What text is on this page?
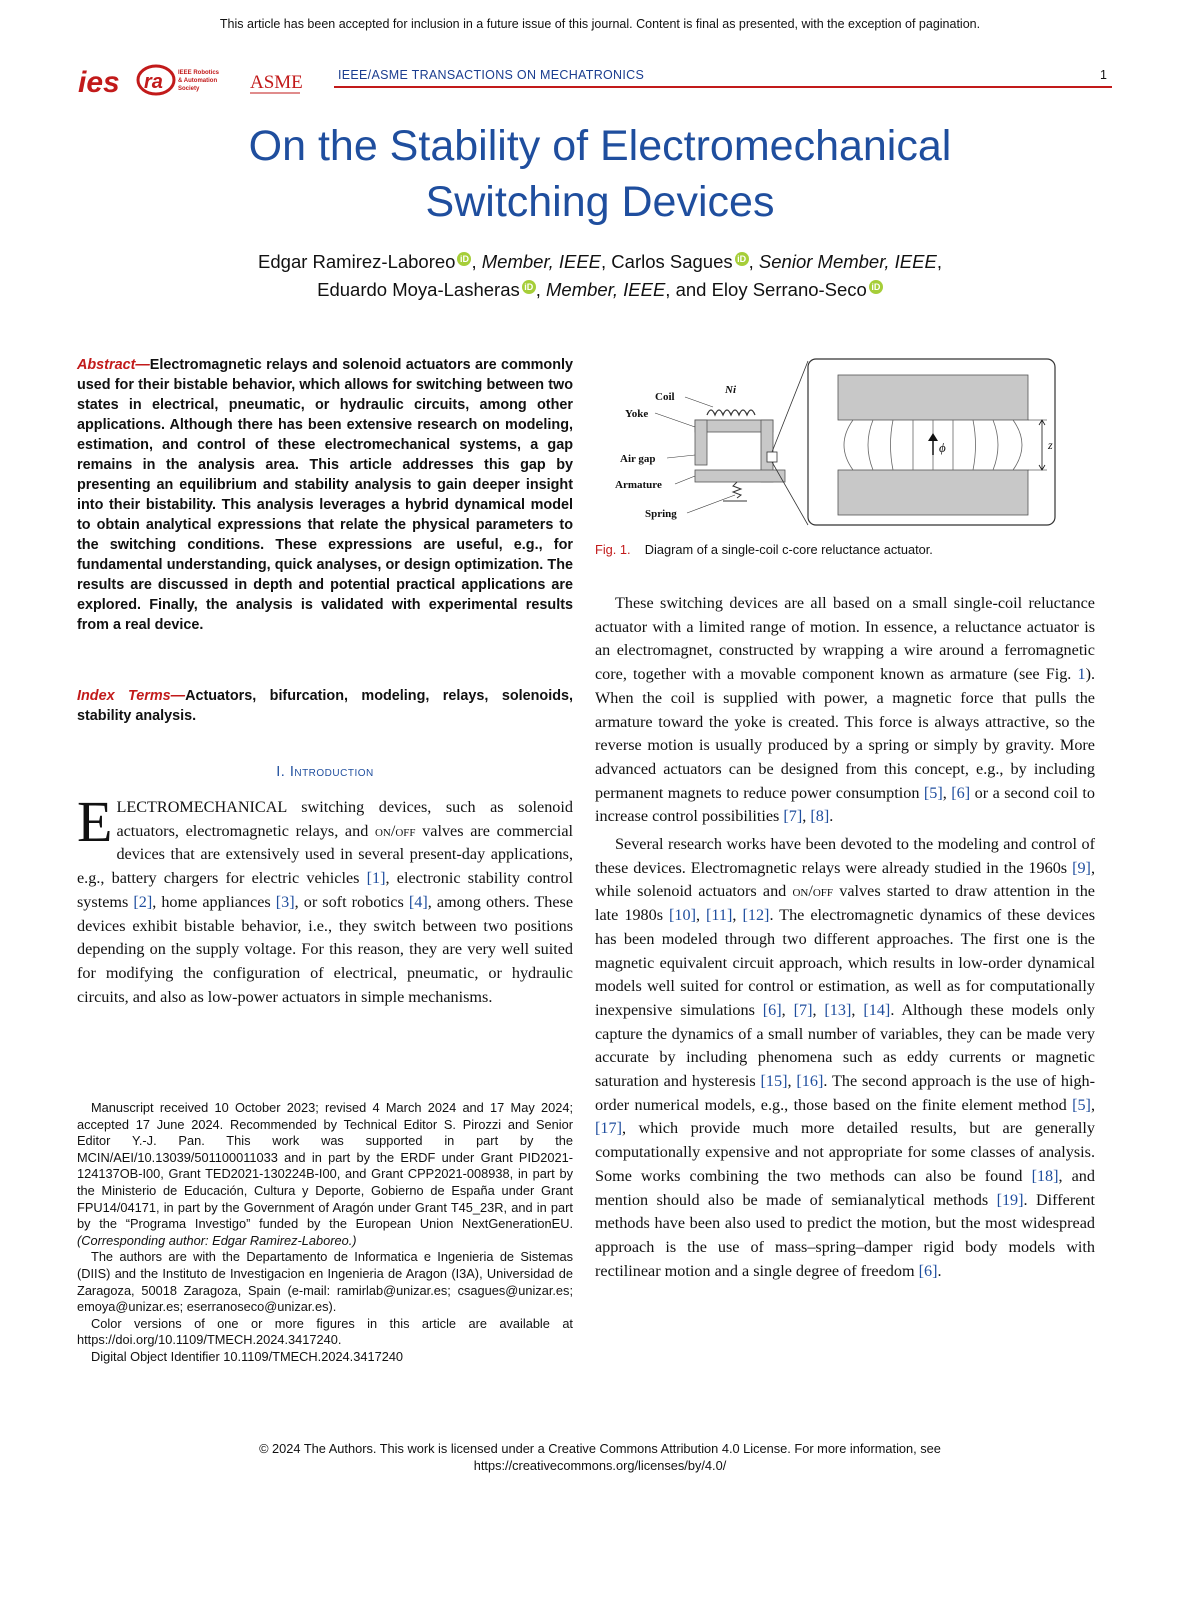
This article has been accepted for inclusion in a future issue of this journal. Content is final as presented, with the exception of pagination.
ies ra	IEEE Robotics
& Automation
Society	ASME	IEEE/ASME TRANSACTIONS ON MECHATRONICS	1
On the Stability of Electromechanical
Switching Devices
Edgar Ramirez-Laboreo iD , Member, IEEE, Carlos Sagues iD , Senior Member, IEEE,
Eduardo Moya-Lasheras iD , Member, IEEE, and Eloy Serrano-Seco iD
Abstract—Electromagnetic relays and solenoid actuators are commonly used for their bistable behavior, which allows for switching between two states in electrical, pneumatic, or hydraulic circuits, among other applications. Although there has been extensive research on modeling, estimation, and control of these electromechanical systems, a gap remains in the analysis area. This article addresses this gap by presenting an equilibrium and stability analysis to gain deeper insight into their bistability. This analysis leverages a hybrid dynamical model to obtain analytical expressions that relate the physical parameters to the switching conditions. These expressions are useful, e.g., for fundamental understanding, quick analyses, or design optimization. The results are discussed in depth and potential practical applications are explored. Finally, the analysis is validated with experimental results from a real device.
Index Terms—Actuators, bifurcation, modeling, relays, solenoids, stability analysis.
I. Introduction
ELECTROMECHANICAL switching devices, such as solenoid actuators, electromagnetic relays, and on/off valves are commercial devices that are extensively used in several present-day applications, e.g., battery chargers for electric vehicles [1], electronic stability control systems [2], home appliances [3], or soft robotics [4], among others. These devices exhibit bistable behavior, i.e., they switch between two positions depending on the supply voltage. For this reason, they are very well suited for modifying the configuration of electrical, pneumatic, or hydraulic circuits, and also as low-power actuators in simple mechanisms.

Manuscript received 10 October 2023; revised 4 March 2024 and 17 May 2024; accepted 17 June 2024. Recommended by Technical Editor S. Pirozzi and Senior Editor Y.-J. Pan. This work was supported in part by the MCIN/AEI/10.13039/501100011033 and in part by the ERDF under Grant PID2021-124137OB-I00, Grant TED2021-130224B-I00, and Grant CPP2021-008938, in part by the Ministerio de Educación, Cultura y Deporte, Gobierno de España under Grant FPU14/04171, in part by the Government of Aragón under Grant T45_23R, and in part by the “Programa Investigo” funded by the European Union NextGenerationEU. (Corresponding author: Edgar Ramirez-Laboreo.)

The authors are with the Departamento de Informatica e Ingenieria de Sistemas (DIIS) and the Instituto de Investigacion en Ingenieria de Aragon (I3A), Universidad de Zaragoza, 50018 Zaragoza, Spain (e-mail: ramirlab@unizar.es; csagues@unizar.es; emoya@unizar.es; eserranoseco@unizar.es).

Color versions of one or more figures in this article are available at https://doi.org/10.1109/TMECH.2024.3417240.

Digital Object Identifier 10.1109/TMECH.2024.3417240

Coil
Yoke
Air gap
Armature
Spring
Ni
ϕ	z
Fig. 1. Diagram of a single-coil c-core reluctance actuator.

These switching devices are all based on a small single-coil reluctance actuator with a limited range of motion. In essence, a reluctance actuator is an electromagnet, constructed by wrapping a wire around a ferromagnetic core, together with a movable component known as armature (see Fig. 1). When the coil is supplied with power, a magnetic force that pulls the armature toward the yoke is created. This force is always attractive, so the reverse motion is usually produced by a spring or simply by gravity. More advanced actuators can be designed from this concept, e.g., by including permanent magnets to reduce power consumption [5], [6] or a second coil to increase control possibilities [7], [8].

Several research works have been devoted to the modeling and control of these devices. Electromagnetic relays were already studied in the 1960s [9], while solenoid actuators and on/off valves started to draw attention in the late 1980s [10], [11], [12]. The electromagnetic dynamics of these devices has been modeled through two different approaches. The first one is the magnetic equivalent circuit approach, which results in low-order dynamical models well suited for control or estimation, as well as for computationally inexpensive simulations [6], [7], [13], [14]. Although these models only capture the dynamics of a small number of variables, they can be made very accurate by including phenomena such as eddy currents or magnetic saturation and hysteresis [15], [16]. The second approach is the use of high-order numerical models, e.g., those based on the finite element method [5], [17], which provide much more detailed results, but are generally computationally expensive and not appropriate for some classes of analysis. Some works combining the two methods can also be found [18], and mention should also be made of semianalytical methods [19]. Different methods have been also used to predict the motion, but the most widespread approach is the use of mass–spring–damper rigid body models with rectilinear motion and a single degree of freedom [6].

© 2024 The Authors. This work is licensed under a Creative Commons Attribution 4.0 License. For more information, see
https://creativecommons.org/licenses/by/4.0/
